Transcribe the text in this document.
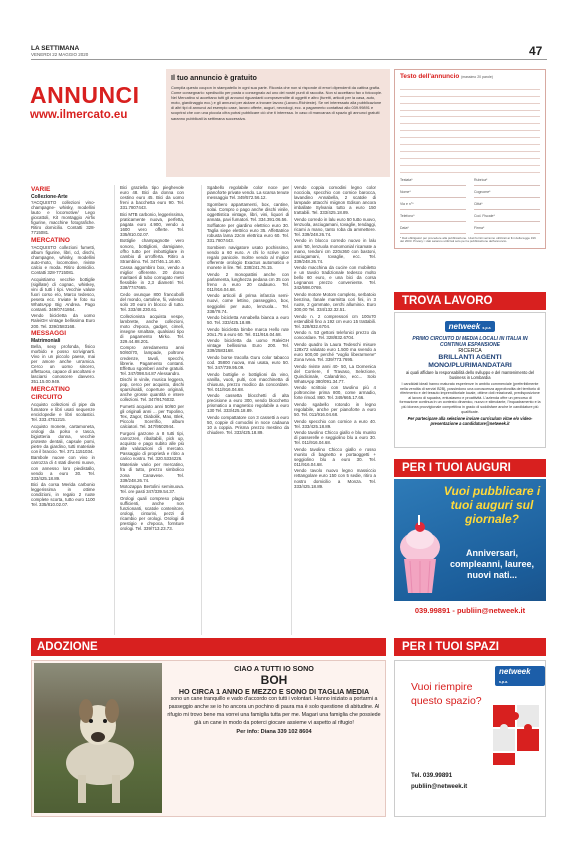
LA SETTIMANA
VENERDI 22 MAGGIO 2020	47
ANNUNCI
www.ilmercato.eu
Il tuo annuncio è gratuito

Compila questo coupon in stampatello in ogni sua parte. Ricorda che non si risponde di errori dipendenti da cattiva grafia. Come consegnarlo: spedisciilo per posta o consegnalo ad uno dei nostri punti di raccolta. Non si accettano fax o fotocopie. Nel Mercatino si accettano tutti gli annunci riguardanti compravendite di oggetti e altro (furetti, articoli per la casa, auto, moto, giardinaggio ecc.) e gli annunci per aiutare a trovare lavoro (Lavoro-Richieste). Se vei interessato alla pubblicazione di altri tipi di annunci ad esempio case, lavoro offerte, auguri, necrologi, ecc. a pagamento contattaci allo 039.99891 e scoprirai che con una piccola cifra potrai pubblicare ciò che ti interessa. In caso di mancanza di spazio gli annunci gratuiti saranno pubblicati la settimana successiva.

Testo dell'annuncio (massimo 20 parole)
Testata*	Rubrica*
Nome*	Cognome*
Via e n°*	Città*
Telefono*	Cod. Fiscale*
Data*	Firma*
* Dati obbligatori per procedere alla pubblicazione. I dati forniti verranno utilizzati ai fini della legge 196 del 2003. Privacy: i dati saranno utilizzati solo per la pubblicazione dell'annuncio.
VARIE
Collezione-Arte

?ACQUISTO collezioni vino-champagne- whisky, modellini lauto e locomotive/ Lego giocattoli, Kit montaggio Airfix figurine, macchine fotografiche. Ritiro domicilio. Contatti 328-7715081.

MERCATINO

?ACQUISTO collezioni fumetti, album figurine, libri, cd, dischi, champagne, whisky, modellini auto-moto, locomotive, riviste calcio e moda. Ritiro domicilio. Contatti 328-7715081.

Acquistiamo vecchie bottiglie (sigillate) di cognac, whiskey, vini di tutti i tipi. Vecchie valute fuori corso e/o, Marco tedesco, peseta ecc. Inviate le foto su WhatsApp Big Andrea. Pago contanti. 349/0741864.

Vendo bicicletta da uomo RaleiGH vintage bellissima Euro 200. Tel. 339/2583168.

MESSAGGI
Matrimoniali

Bella, sexy profonda, fisico morbido e posso scrivignarti. Vivo in un piccolo paese, mai per amore anche un'amica. Cerco un uomo sincero, affettuoso, capace di ascoltarsi e lasciarsi conoscere davvero. 351.15.00.949.

MERCATINO CIRCUITO

Acquisto collezioni di pipe da fumatore e libri usati sequenze enciclopedie e libri scolastici. Tel. 333.4751215.

Acquisto monete, cartamoneta, orologi da polso e tasca, bigiotteria donna, vecchie proteste dentali, capsule pomi, pietre da giardino, tutti materiale con il braccio. Tel. 371.1151034.

Bambole nuove con vivo in carrozza di 4 stati diversi nuove, con annesso loro piedistallo, vendo a euro 30. Tel. 333/425.18.89.

Bici da corsa Merida carbonio leggerissima in ottime condizioni, in regalo 2 ruote complete scorta, tutto euro 1100 Tel. 335/810.02.07.

Bici graziella tipo pieghevole euro 48. Bici da donna con cestino euro 45. Bici da uomo freni a bacchetta euro 90. Tel. 331.7807443.

Bici MTB carbonio, leggerissima, praticamente nuova, perfetta, pagata euro 4.900, vendo a 1600 vero offerte. Tel. 335/810.02.07.

Bottiglie champagnotte vero sonoro, bottiglioni, damigiane, offro tutto per imbottigliare in cambio di un'offerta. Ritiro a Strambino. Tel. 347/46.1.16.60.

Cassa aggombiro box, vendo a miglior offerente. 20 dorso maritaeri di tubo corrugato metri flessibile in 2,3 diametri Tel. 338/7747665.

Cedo ovunque 800 francobolli del mondo, cartoline, fii, volendo solo 20 euro in blocco di tutto. Tel. 333/48.230.61.

Collezionista acquista vespe, lambrette, anche collezioni, moto d'epoca, gadget, cimeli, insegne smaltate, qualsiasi tipo di pagamento Mirko. Tel. 329.44.88.201.

Compro arredamento anni 50/60/70, lampade, poltrone credenze, tavoli, specchi, librerie. Pagamento contanti. Effettuo sgomberi anche gratuiti. Tel. 347/098.54.87 Alessandro.

Dischi in vinile, musica leggera, pop, cerco per acquisto, dischi sparsi/saldi, coperture originali, anche grosse quantità e intere collezioni. Tel. 347/9176032.

Fumetti acquisto anni 50/60 per gli originali anni ... per Topolino, Tex, Zagor, Diabolik, Mao, Blek, Piccolo Scerrifio, album calciatori. Tel. 347/9502944.

Furgoni garzone a 8 tutti tipi, carrozzeri, ribaltabili, pick up, acquisto e pago subito alle più alte valutazioni di mercato. Passaggio di proprietà e ritiro a carico nostro. Tel. 320.5334226.

Materiale vario per mercatino, fra di tutto, prezzo simbolico zona Canavese. Tel. 339/248.26.74.

Motozappa Bertolini seminuova. Tel. ore pasti 347/339.54.37.

Orologi quali compreso plagiu sufficienti, anche non funzionanti, scatole contenitore, orologi, cinturini, pezzi di ricambio per orologi. Orologi di prestigio e d'epoca, forniture orologi. Tel. 339/713.23.73.

Sgabello regolabile color noce per pianoforte private vendo. La scarsa tenute messaggio Tel. 349/572.56.12.

Sgombero appartamenti, box, cantine, solai. Compro o pago anche dischi vinile, oggettistica vintage, libri, vini, liquori di annata, pavi fumatori. Tel. 334.391.06.56.

Soffiatore per giardino elettrico euro 30. Taglia siepe elettrico euro 35. Affettatrice robusta lama 22cm elettrica euro 60. Tel. 331.7807443.

Sombiem navigatore usato pochissimo, vendo a 60 euro. A chi lo scrive non regalo panicole. Inoltre vendo al miglior offerente orologio Exactus automatico e monete in lire. Tel. 338/241.76.15.

Vendo 2 monopattini anche con parlamenta, lunghezza pedana cm 35 con freno a euro 20 cadauno. Tel. 011/916.04.68.

Vendo articoli di prima infanzia semi- nuovi, come lettino, passeggino, box, seggiolini per auto, lenzuola... Tel. 338/78.74.

Vendo bicicletta Annabella bianca a euro 50. Tel. 333/425.18.89.

Vendo bicicletta bimbe marca Hello rute 20x1.75 a euro 60. Tel. 011/916.04.68.

Vendo bicicletta da uomo RaleiGH vintage bellissima Euro 200. Tel. 339/2583168.

Vendo borse tracolla Guru color tabacco cod. 35800 nuova, mai usata, euro 50. Tel. 347/739.95.09.

Vendo bottiglie e bottiglioni da vino, vanilla, vuoti, pulti, con macchinetta di chiusura, prezzo modico da concordare. Tel. 011/916.04.68.

Vendo cassetta blocchetti di alta precisione a euro 300, vendo blocchetto prismatico a magnetico regolabile a euro 130 Tel. 333/425.18.89.

Vendo compattatore con 3 cassetti a euro 50, coppie di comodini in noce cadauna 10 a coppia. Prisma prezzo mestino da chiudere. Tel. 333/425.18.89.

Vendo coppia comodini legno color nocciola, specchio con cornice barocca, lavandino Annabella, 2 scatole di lampade attacchi miignon Edison ancora imballate Sylvania tutto a euro 150 trattabili. Tel. 333/425.18.89.

Vendo corredo in lalu euro 50 tutto nuovo, lenzuola, asciugamani, tovaglie, tendaggi, ricami a mano, tanto roba da ammettere. Tel. 339/248.26.74.

Vendo in blocco corredo nuovo in lalu anni '50, lenzuola monomonial ricamate a mano, tendoni cm 220x360 con bastoni, asciugamani, tovaglie, ecc. Tel. 339/248.26.74.

Vendo macchina da cucire con mobiletto e un tavolo tradizionale tedesco molto bello 60 euro, e una bici da corsa Legnanos prezzo conveniente. Tel. 342/698.0769.

Vendo motore Motom completo, serbatoio benzina, fanale marmitta cori fini, in 3 ruote, 2 gommate, cerchi alluminio. Euro 300,00 Tel. 334/132.32.51.

Vendo n. 2 compressori cm 100x70 estendibili fino a 192 cm euro 15 trattabili. Tel. 328/832.6704.

Vendo n. 53 gettoni telefonici prezzo da concordare. Tel. 328/832.6704.

Vendo quadro la Laura Tedeschi misure 128x72 valutato euro 1.500 ma svendo a euro 500,00 perché "voglio liberarmene" Zona Ivrea. Tel. 339/773.7695.

Vendo riviste anni 40- 50, La Domenica del Corriere, Il Travaso, Selezione, Quindicinale, Calandrino, ecc... Solo WhatsApp 380/091.34.77.

Vendo scrittoio con tavolino più 4 poltroncine prima 800, come armadio, forte rimod. 860. Tel. 349/665.17.66.

Vendo sgabello rotondo in legno regolabile, anche per pianoforte a euro 50. Tel. 011/916.04.68.

Vendo specchio con cornice a euro 40. Tel. 333/425.18.89.

Vendo tavolino Chicco giallo e blu munito di passerelle e seggiolino blu a euro 30. Tel. 011/916.04.68.

Vendo tavolino Chicco giallo e rosso munito di bagnetto e portaoggetti + seggiolino blu a euro 30. Tel. 011/916.04.68.

Vendo tavolo nuovo legno massiccio rettangolare euro 150 con 5 sedie, ritiro a nostro domicilio a Monza. Tel. 333/425.18.89.

TROVA LAVORO
netweek s.p.a.
PRIMO CIRCUITO DI MEDIA LOCALI IN ITALIA IN CONTINUA ESPANSIONE
RICERCA
BRILLANTI AGENTI MONO/PLURIMANDATARI
ai quali affidare la responsabilità dello sviluppo e del mantenimento del business in Lombardia
I candidati ideali hanno maturato esperienze in ambito commerciale (preferibilmente nella vendita di servizi B2B), possiedono una conoscenza approfondita del territorio di riferimento e del tessuto imprenditoriale locale, ottime doti relazionali, predisposizione al lavoro di squadra, entusiasmo e proattività. L'azienda offre un percorso di formazione continua in un contesto dinamico, nuovo e stimolante, l'inquadramento e la più idonea provvigionale competitiva in grado di soddisfare anche le candidature più qualificate.
Per partecipare alla selezione inviare curriculum vitae e/o video-presentazione a candidature@netweek.it
PER I TUOI AUGURI
Vuoi pubblicare i tuoi auguri sul giornale?
Anniversari, compleanni, lauree, nuovi nati...
039.99891 - publiin@netweek.it
ADOZIONE
CIAO A TUTTI IO SONO
BOH
HO CIRCA 1 ANNO E MEZZO E SONO DI TAGLIA MEDIA
sono un cane tranquillo e vado d'accordo con tutti i volontari. Hanno iniziato a portarmi a passeggio anche se io ho ancora un pochino di paura ma è solo questione di abitudine. Al rifugio mi trovo bene ma vorrei una famiglia tutta per me. Magari una famiglia che possiede già un cane in modo da poterci giocare assieme vi aspetto al rifugio!
Per info: Diana 339 102 8604
PER I TUOI SPAZI
netweek s.p.a.
Vuoi riempire questo spazio?
Tel. 039.99891
publiin@netweek.it
